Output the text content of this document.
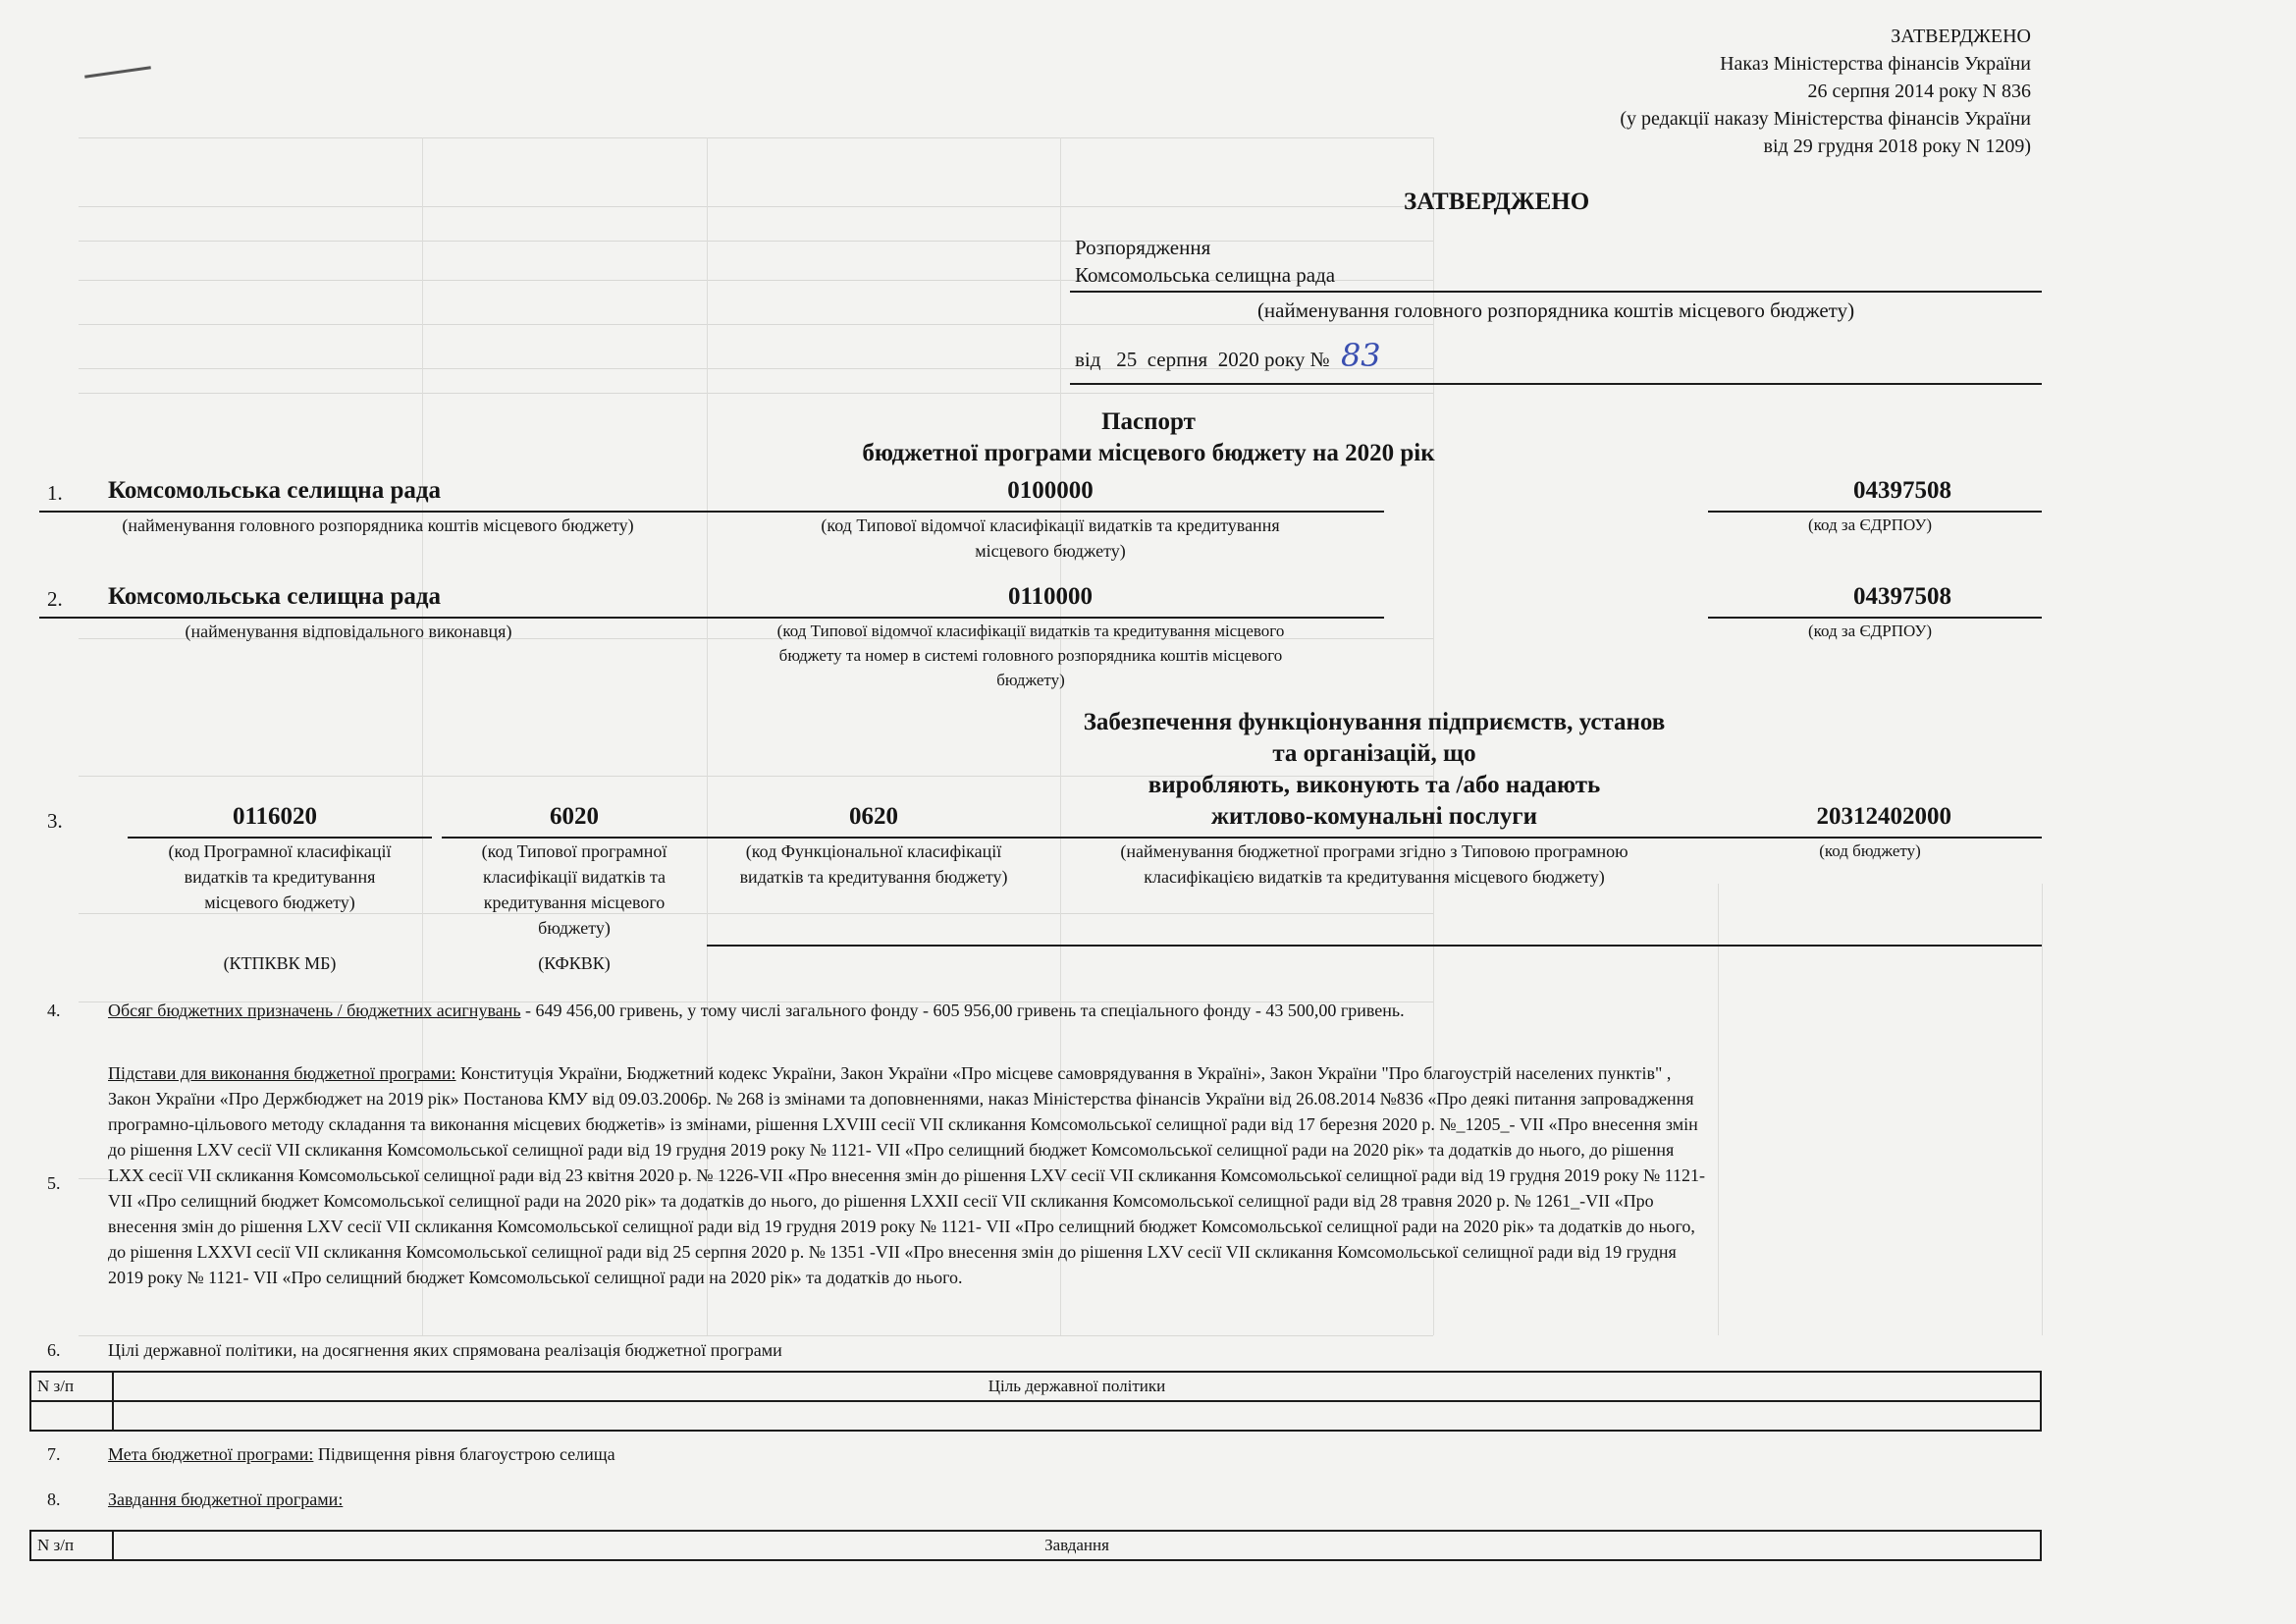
ЗАТВЕРДЖЕНО
Наказ Міністерства фінансів України
26 серпня 2014 року N 836
(у редакції наказу Міністерства фінансів України
від 29 грудня 2018 року N 1209)
ЗАТВЕРДЖЕНО
Розпорядження
Комсомольська селищна рада
(найменування головного розпорядника коштів місцевого бюджету)
від 25 серпня 2020 року № 83
Паспорт
бюджетної програми місцевого бюджету на 2020 рік
1. Комсомольська селищна рада
(найменування головного розпорядника коштів місцевого бюджету)
0100000
(код Типової відомчої класифікації видатків та кредитування
місцевого бюджету)
04397508
(код за ЄДРПОУ)
2. Комсомольська селищна рада
(найменування відповідального виконавця)
0110000
(код Типової відомчої класифікації видатків та кредитування місцевого
бюджету та номер в системі головного розпорядника коштів місцевого
бюджету)
04397508
(код за ЄДРПОУ)
Забезпечення функціонування підприємств, установ
та організацій, що
виробляють, виконують та /або надають
житлово-комунальні послуги
3.	0116020
(код Програмної класифікації
видатків та кредитування
місцевого бюджету)
(КТПКВК МБ)
6020
(код Типової програмної
класифікації видатків та
кредитування місцевого
бюджету)
(КФКВК)
0620
(код Функціональної класифікації
видатків та кредитування бюджету)
(найменування бюджетної програми згідно з Типовою програмною
класифікацією видатків та кредитування місцевого бюджету)
20312402000
(код бюджету)
4.	Обсяг бюджетних призначень / бюджетних асигнувань - 649 456,00 гривень, у тому числі загального фонду - 605 956,00 гривень та спеціального фонду - 43 500,00 гривень.
5.
Підстави для виконання бюджетної програми: Конституція України, Бюджетний кодекс України, Закон України «Про місцеве самоврядування в Україні», Закон України "Про благоустрій населених пунктів" ,
Закон України «Про Держбюджет на 2019 рік» Постанова КМУ від 09.03.2006р. № 268 із змінами та доповненнями, наказ Міністерства фінансів України від 26.08.2014 №836 «Про деякі питання запровадження
програмно-цільового методу складання та виконання місцевих бюджетів» із змінами, рішення LXVIII сесії VII скликання Комсомольської селищної ради від 17 березня 2020 р. №_1205_- VII «Про внесення змін
до рішення LXV сесії VII скликання Комсомольської селищної ради від 19 грудня 2019 року № 1121- VII «Про селищний бюджет Комсомольської селищної ради на 2020 рік» та додатків до нього, до рішення
LXX сесії VII скликання Комсомольської селищної ради від 23 квітня 2020 р. № 1226-VII «Про внесення змін до рішення LXV сесії VII скликання Комсомольської селищної ради від 19 грудня 2019 року № 1121-
VII «Про селищний бюджет Комсомольської селищної ради на 2020 рік» та додатків до нього, до рішення LXXII сесії VII скликання Комсомольської селищної ради від 28 травня 2020 р. № 1261_-VII «Про
внесення змін до рішення LXV сесії VII скликання Комсомольської селищної ради від 19 грудня 2019 року № 1121- VII «Про селищний бюджет Комсомольської селищної ради на 2020 рік» та додатків до нього,
до рішення LXXVI сесії VII скликання Комсомольської селищної ради від 25 серпня 2020 р. № 1351 -VII «Про внесення змін до рішення LXV сесії VII скликання Комсомольської селищної ради від 19 грудня
2019 року № 1121- VII «Про селищний бюджет Комсомольської селищної ради на 2020 рік» та додатків до нього.
6.	Цілі державної політики, на досягнення яких спрямована реалізація бюджетної програми
N з/п	Ціль державної політики

7.	Мета бюджетної програми: Підвищення рівня благоустрою селища
8.	Завдання бюджетної програми:
N з/п	Завдання
